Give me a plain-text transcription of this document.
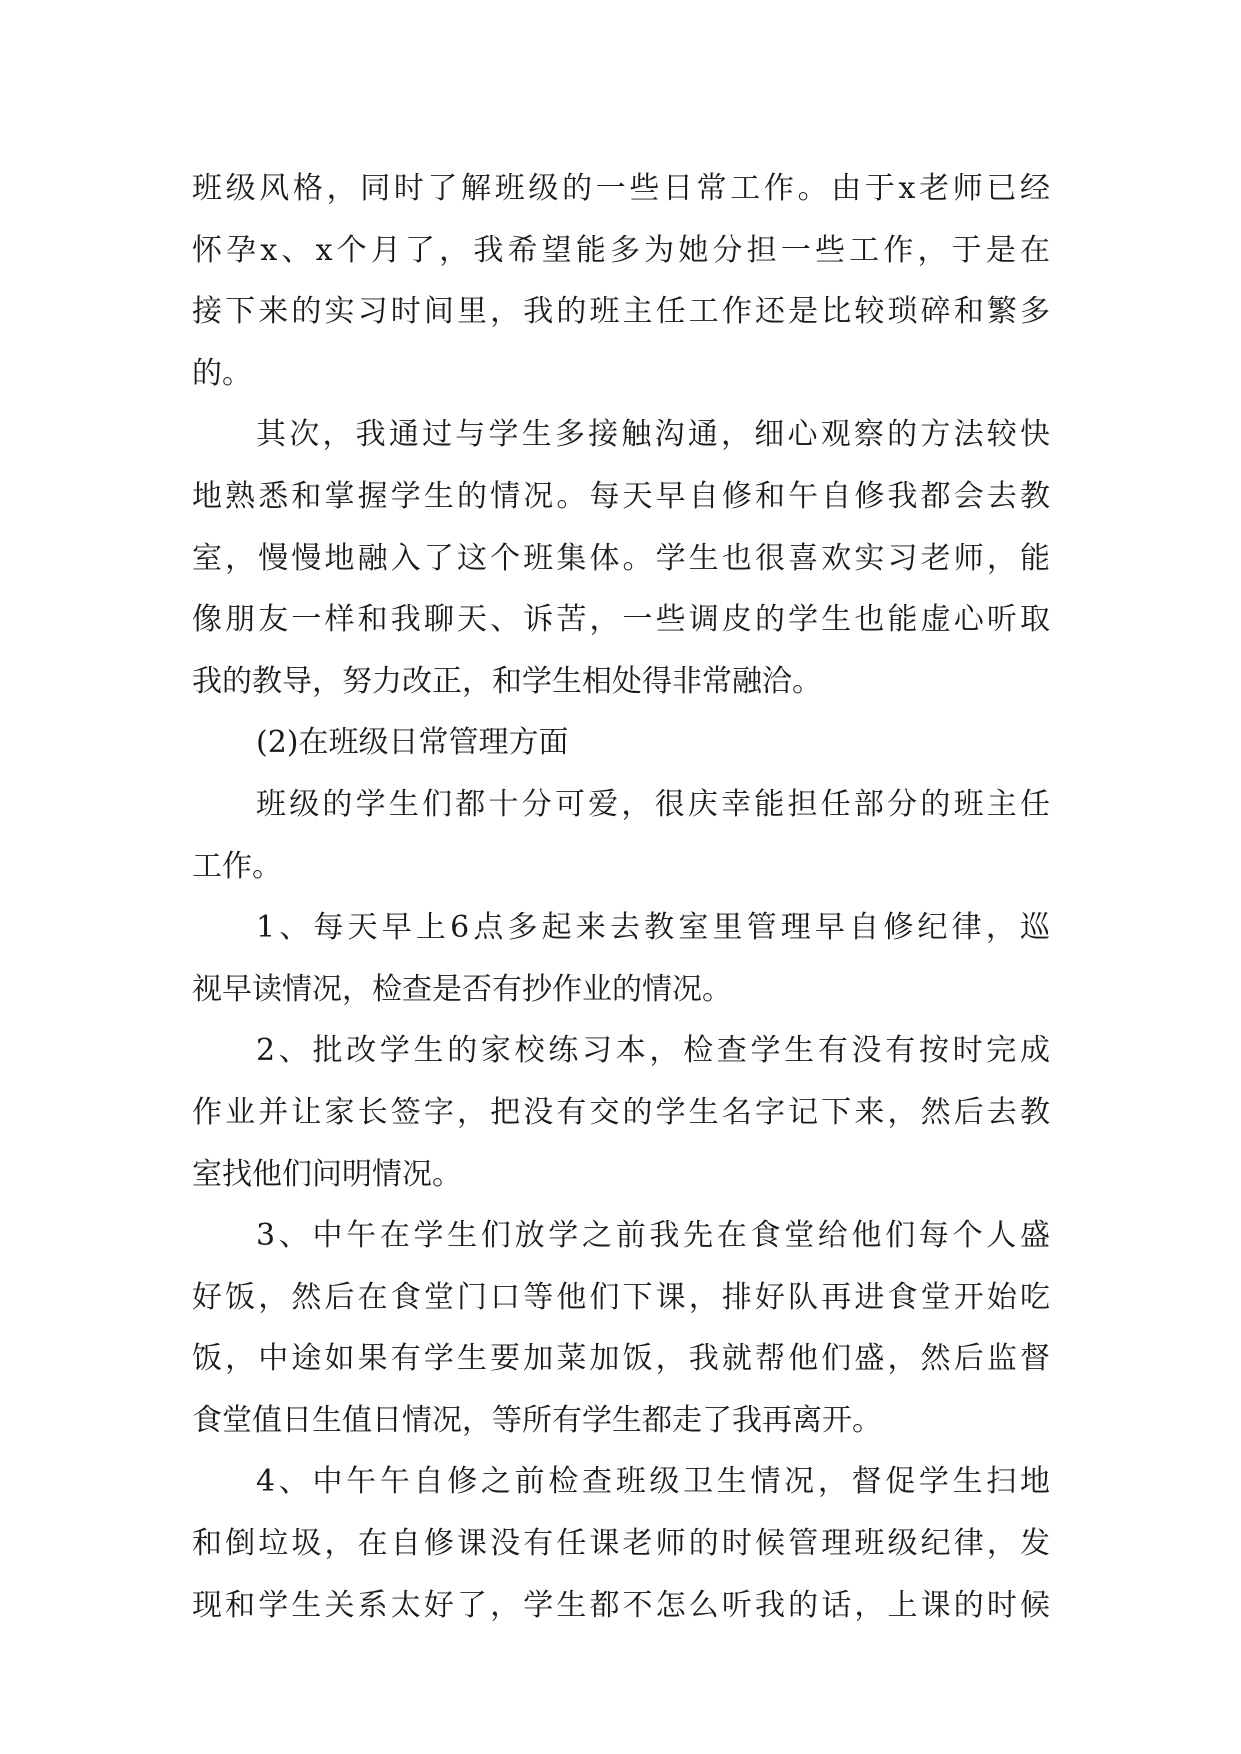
班级风格，同时了解班级的一些日常工作。由于x老师已经
怀孕x、x个月了，我希望能多为她分担一些工作，于是在
接下来的实习时间里，我的班主任工作还是比较琐碎和繁多
的。
其次，我通过与学生多接触沟通，细心观察的方法较快
地熟悉和掌握学生的情况。每天早自修和午自修我都会去教
室，慢慢地融入了这个班集体。学生也很喜欢实习老师，能
像朋友一样和我聊天、诉苦，一些调皮的学生也能虚心听取
我的教导，努力改正，和学生相处得非常融洽。
(2)在班级日常管理方面
班级的学生们都十分可爱，很庆幸能担任部分的班主任
工作。
1、每天早上6点多起来去教室里管理早自修纪律，巡
视早读情况，检查是否有抄作业的情况。
2、批改学生的家校练习本，检查学生有没有按时完成
作业并让家长签字，把没有交的学生名字记下来，然后去教
室找他们问明情况。
3、中午在学生们放学之前我先在食堂给他们每个人盛
好饭，然后在食堂门口等他们下课，排好队再进食堂开始吃
饭，中途如果有学生要加菜加饭，我就帮他们盛，然后监督
食堂值日生值日情况，等所有学生都走了我再离开。
4、中午午自修之前检查班级卫生情况，督促学生扫地
和倒垃圾，在自修课没有任课老师的时候管理班级纪律，发
现和学生关系太好了，学生都不怎么听我的话，上课的时候
